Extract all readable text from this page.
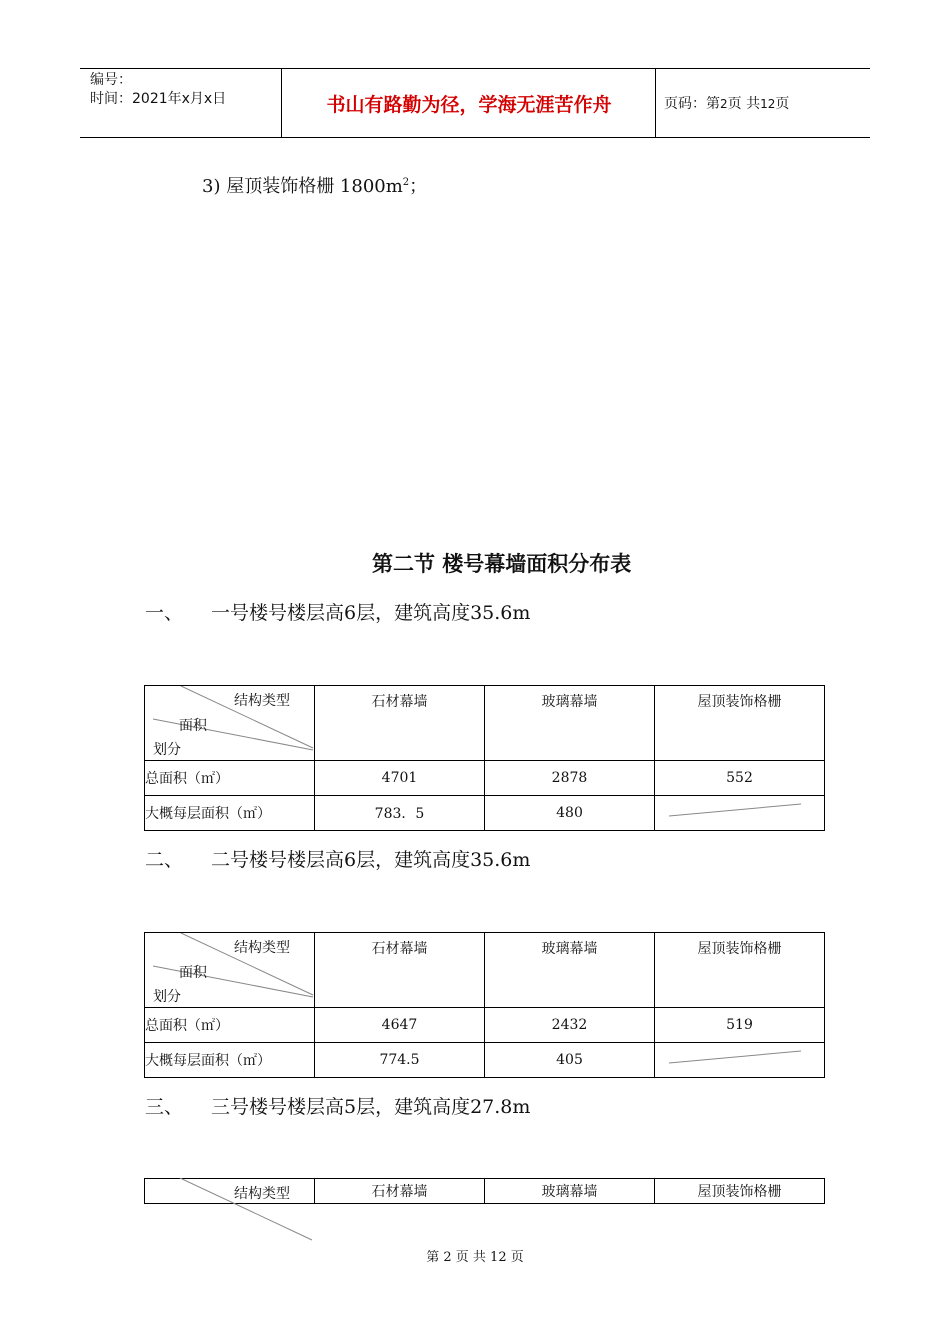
编号：
时间：2021年x月x日	书山有路勤为径，学海无涯苦作舟	页码：第2页 共12页
3) 屋顶装饰格栅 $1800m^2$；
第二节 楼号幕墙面积分布表
一、 一号楼号楼层高6层，建筑高度35.6m
结构类型
面积
划分	石材幕墙	玻璃幕墙	屋顶装饰格栅
总面积（㎡）	4701	2878	552
大概每层面积（㎡）	783．5	480	
二、 二号楼号楼层高6层，建筑高度35.6m
结构类型
面积
划分	石材幕墙	玻璃幕墙	屋顶装饰格栅
总面积（㎡）	4647	2432	519
大概每层面积（㎡）	774.5	405	
三、 三号楼号楼层高5层，建筑高度27.8m
结构类型	石材幕墙	玻璃幕墙	屋顶装饰格栅
第 2 页 共 12 页
